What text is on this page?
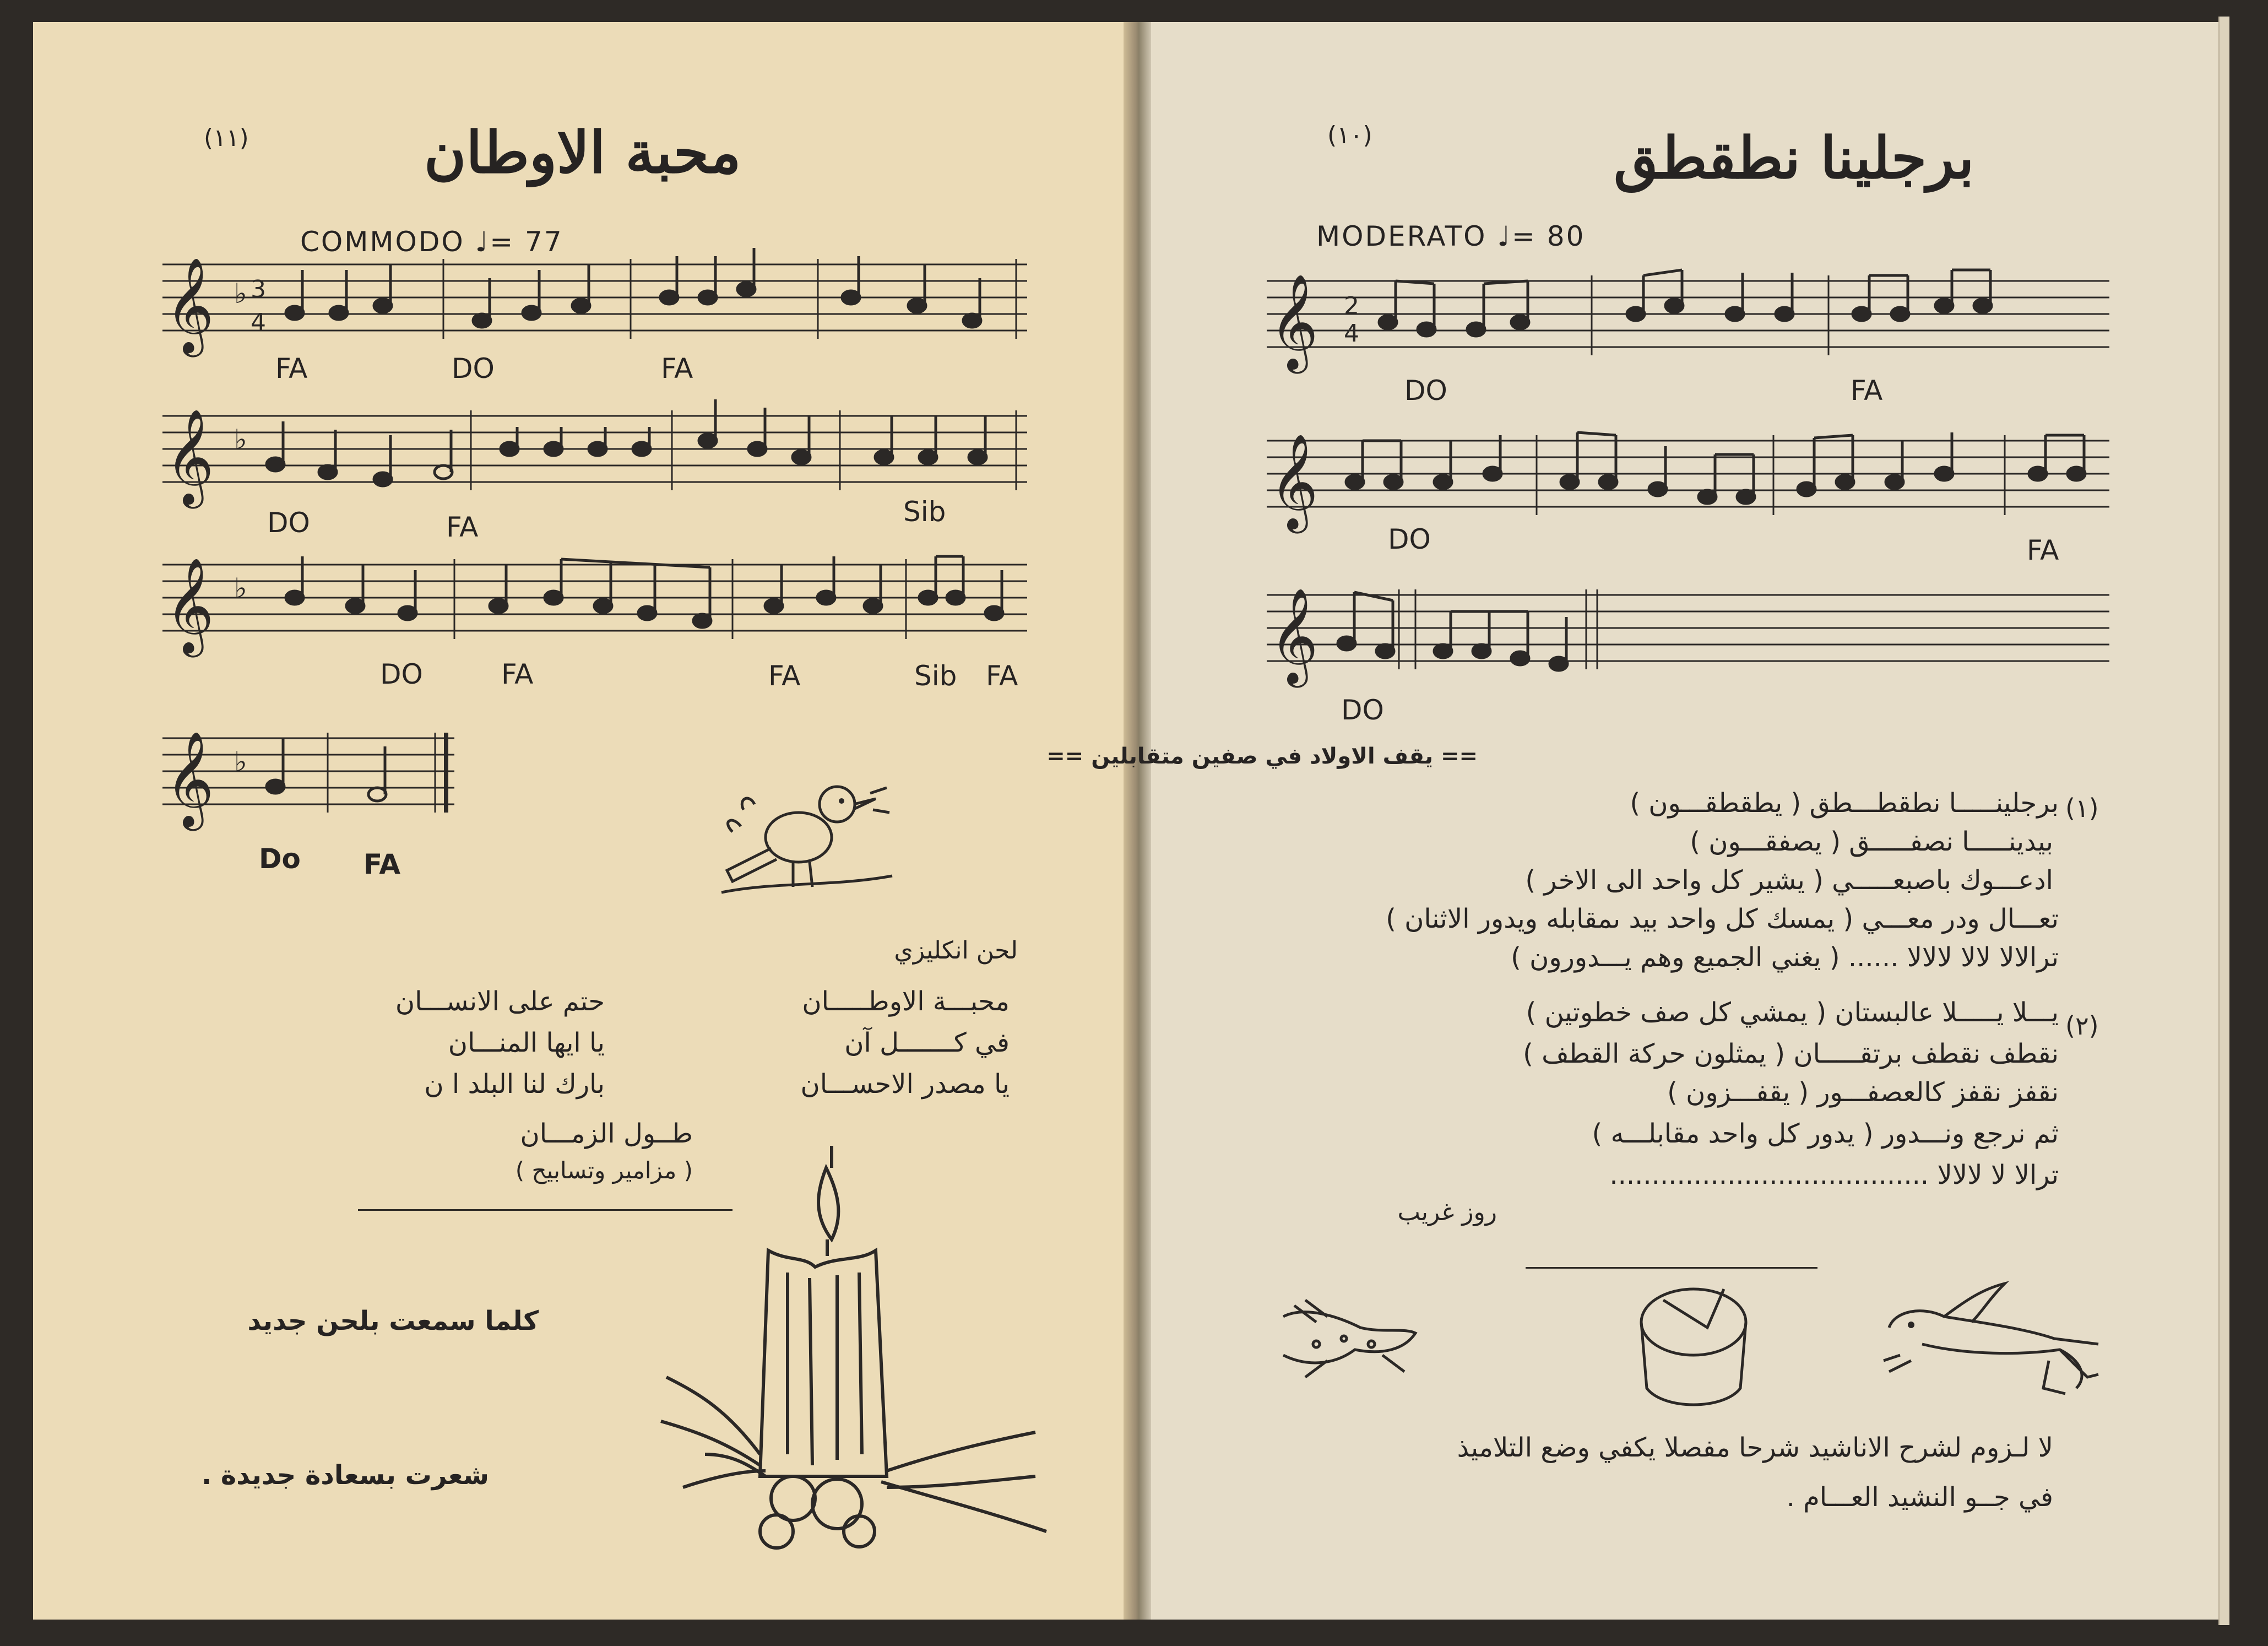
(١١)	محبة الاوطان
COMMODO ♩= 77
𝄞 ♭ 3
4
FA	DO	FA
𝄞 ♭
DO	FA	Sib
𝄞 ♭
DO	FA	FA	Sib FA
𝄞 ♭
Do FA
لحن انكليزي
محبـــة الاوطـــــان
في كـــــــل آن
يا مصدر الاحســـان
حتم على الانســـان
يا ايها المنـــان
بارك لنا البلد ا ن
طــول الزمـــان
( مزامير وتسابيح )
كلما سمعت بلحن جديد
شعرت بسعادة جديدة .
(١٠)	برجلينا نطقطق
MODERATO ♩= 80
𝄞 2
4
DO	FA
𝄞
DO	FA
𝄞
DO
== يقف الاولاد في صفين متقابلين ==
(١)
برجلينـــــا نطقطـــطق ( يطقطقـــون )
بيدينـــــا نصفـــــق ( يصفقـــون )
ادعـــوك باصبعـــــي ( يشير كل واحد الى الاخر )
تعـــال ودر معـــي ( يمسك كل واحد بيد ىمقابله ويدور الاثنان )
ترالالا لالا لالالا ...... ( يغني الجميع وهم يـــدورون )
(٢)
يـــلا يـــــلا عالبستان ( يمشي كل صف خطوتين )
نقطف نقطف برتقـــــان ( يمثلون حركة القطف )
نقفز نقفز كالعصفـــور ( يقفـــزون )
ثم نرجع ونـــدور ( يدور كل واحد مقابلـــه )
ترالا لا لالالا ......................................
روز غريب
لا لـزوم لشرح الاناشيد شرحا مفصلا يكفي وضع التلاميذ
في جــو النشيد العـــام .
